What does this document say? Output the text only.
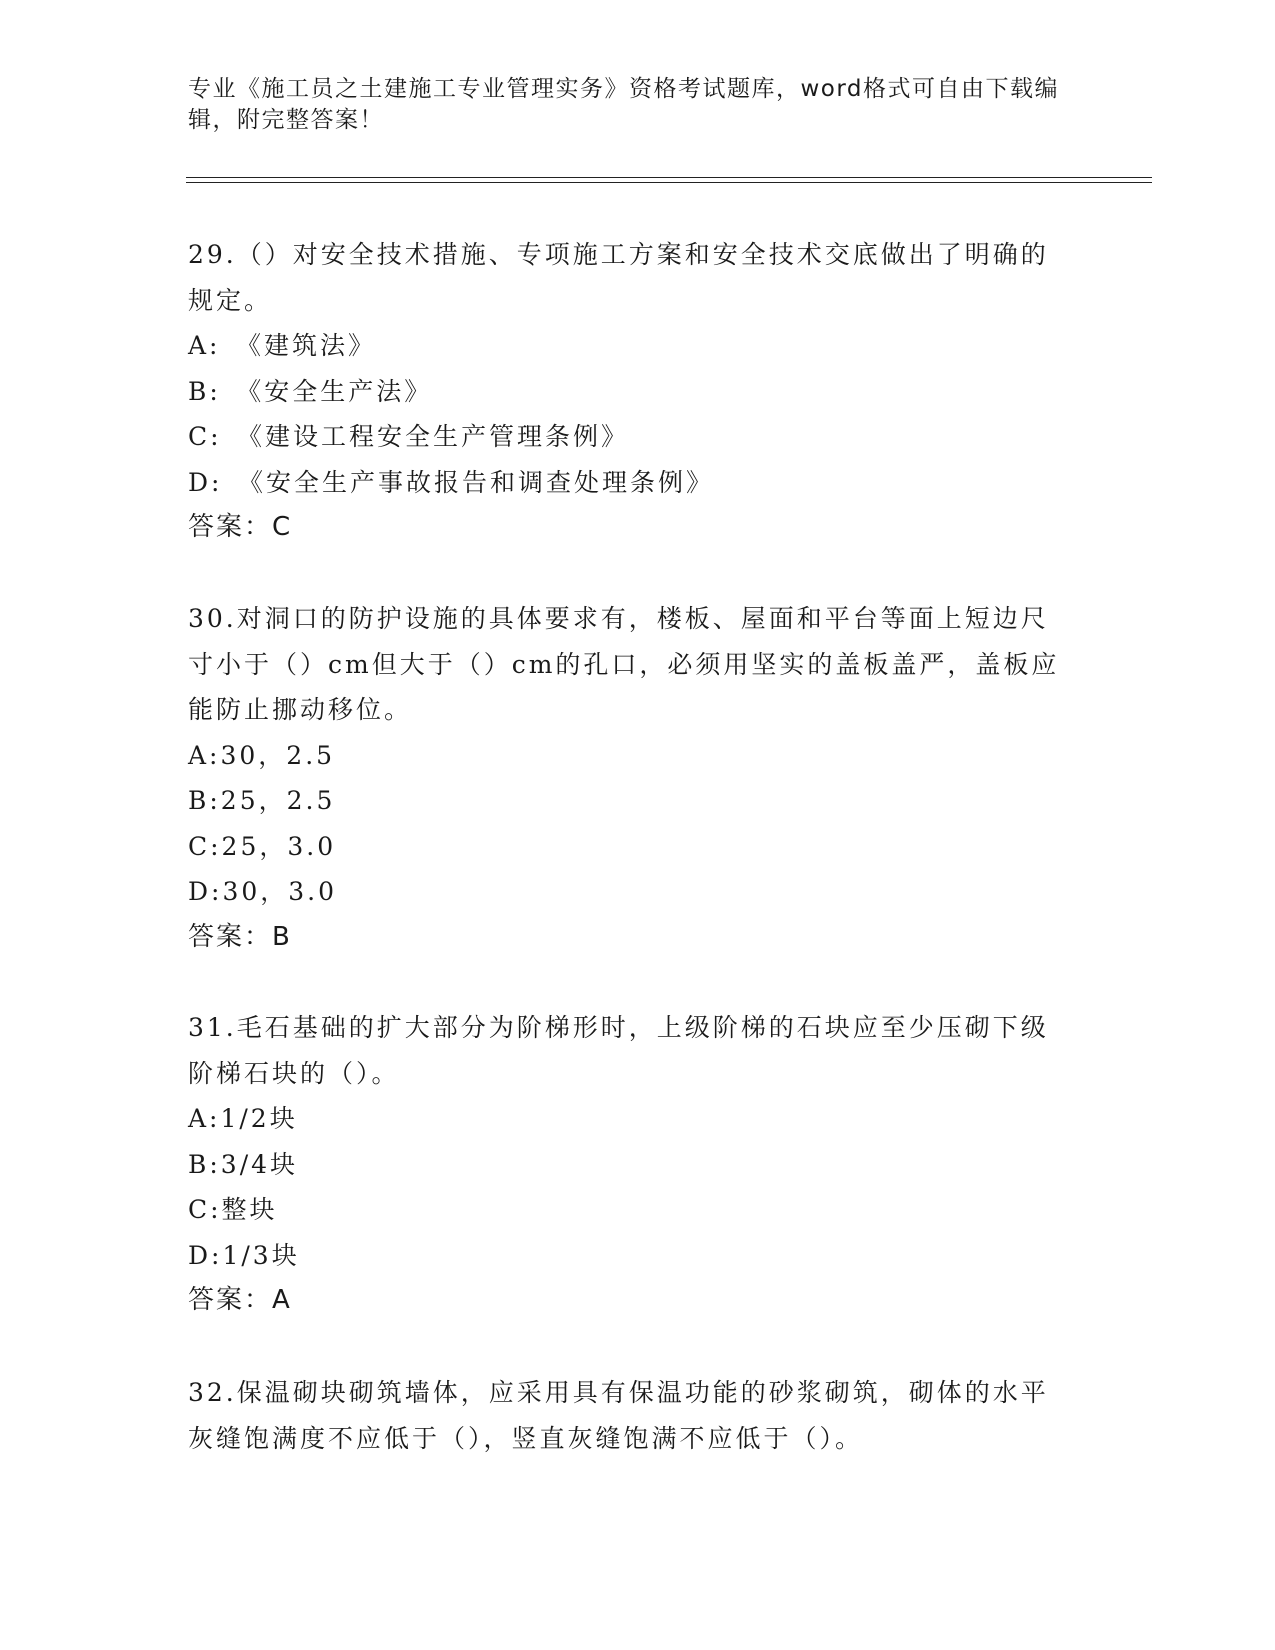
专业《施工员之土建施工专业管理实务》资格考试题库，word格式可自由下载编辑，附完整答案！

29.（）对安全技术措施、专项施工方案和安全技术交底做出了明确的规定。

A:　《建筑法》

B:　《安全生产法》

C:　《建设工程安全生产管理条例》

D:　《安全生产事故报告和调查处理条例》

答案：C

30.对洞口的防护设施的具体要求有，楼板、屋面和平台等面上短边尺寸小于（）cm但大于（）cm的孔口，必须用坚实的盖板盖严，盖板应能防止挪动移位。

A:30，2.5

B:25，2.5

C:25，3.0

D:30，3.0

答案：B

31.毛石基础的扩大部分为阶梯形时，上级阶梯的石块应至少压砌下级阶梯石块的（）。

A:1/2块

B:3/4块

C:整块

D:1/3块

答案：A

32.保温砌块砌筑墙体，应采用具有保温功能的砂浆砌筑，砌体的水平灰缝饱满度不应低于（），竖直灰缝饱满不应低于（）。
